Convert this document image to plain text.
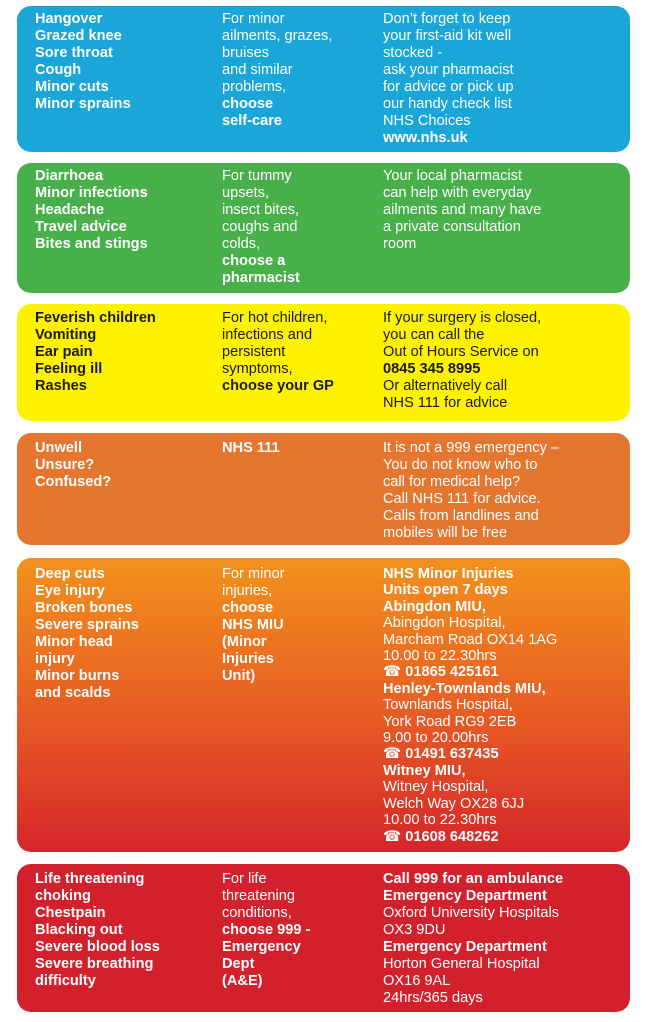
Hangover
Grazed knee
Sore throat
Cough
Minor cuts
Minor sprains
For minor
ailments, grazes,
bruises
and similar
problems,
choose
self-care
Don’t forget to keep
your first-aid kit well
stocked -
ask your pharmacist
for advice or pick up
our handy check list
NHS Choices
www.nhs.uk
Diarrhoea
Minor infections
Headache
Travel advice
Bites and stings
For tummy
upsets,
insect bites,
coughs and
colds,
choose a
pharmacist
Your local pharmacist
can help with everyday
ailments and many have
a private consultation
room
Feverish children
Vomiting
Ear pain
Feeling ill
Rashes
For hot children,
infections and
persistent
symptoms,
choose your GP
If your surgery is closed,
you can call the
Out of Hours Service on
0845 345 8995
Or alternatively call
NHS 111 for advice
Unwell
Unsure?
Confused?
NHS 111	It is not a 999 emergency –
You do not know who to
call for medical help?
Call NHS 111 for advice.
Calls from landlines and
mobiles will be free
Deep cuts
Eye injury
Broken bones
Severe sprains
Minor head
injury
Minor burns
and scalds
For minor
injuries,
choose
NHS MIU
(Minor
Injuries
Unit)
NHS Minor Injuries
Units open 7 days
Abingdon MIU,
Abingdon Hospital,
Marcham Road OX14 1AG
10.00 to 22.30hrs
☎ 01865 425161
Henley-Townlands MIU,
Townlands Hospital,
York Road RG9 2EB
9.00 to 20.00hrs
☎ 01491 637435
Witney MIU,
Witney Hospital,
Welch Way OX28 6JJ
10.00 to 22.30hrs
☎ 01608 648262
Life threatening
choking
Chestpain
Blacking out
Severe blood loss
Severe breathing
difficulty
For life
threatening
conditions,
choose 999 -
Emergency
Dept
(A&E)
Call 999 for an ambulance
Emergency Department
Oxford University Hospitals
OX3 9DU
Emergency Department
Horton General Hospital
OX16 9AL
24hrs/365 days
